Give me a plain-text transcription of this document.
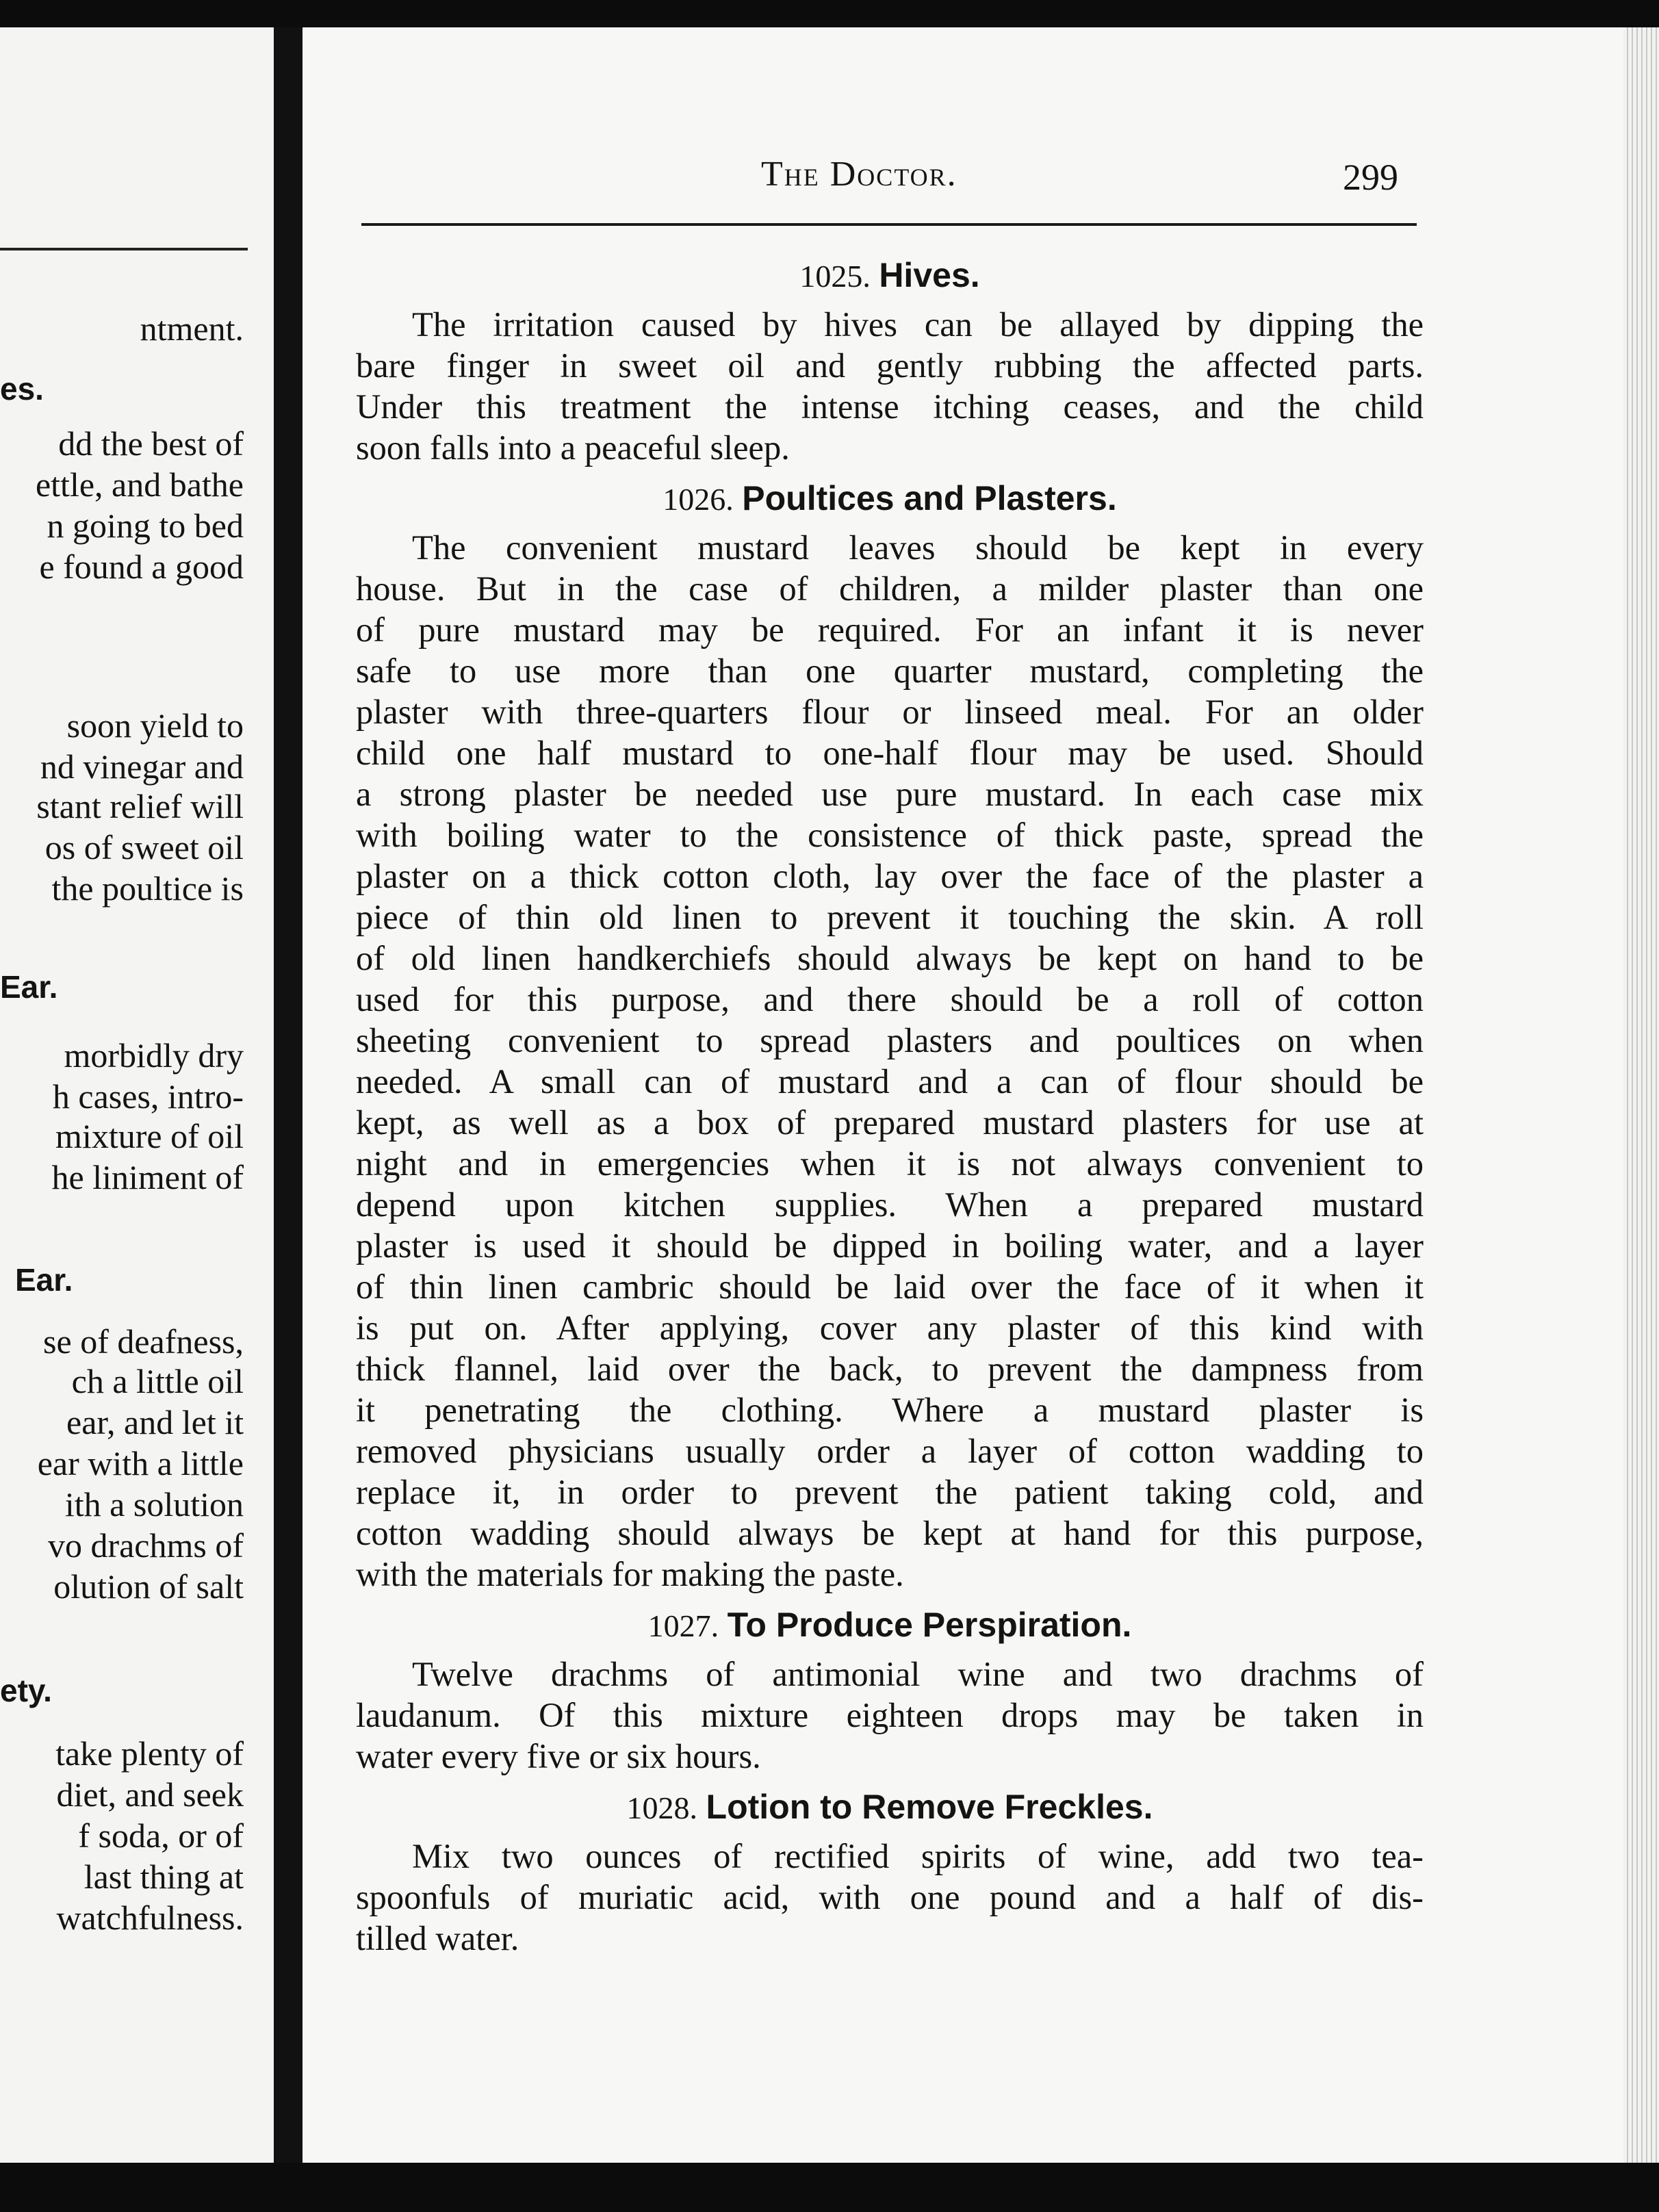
ntment.
es.
dd the best of
ettle, and bathe
n going to bed
e found a good
soon yield to
nd vinegar and
stant relief will
os of sweet oil
the poultice is
Ear.
morbidly dry
h cases, intro-
mixture of oil
he liniment of
Ear.
se of deafness,
ch a little oil
ear, and let it
ear with a little
ith a solution
vo drachms of
olution of salt
ety.
take plenty of
diet, and seek
f soda, or of
last thing at
watchfulness.
The Doctor.	299
1025. Hives.
The irritation caused by hives can be allayed by dipping the
bare finger in sweet oil and gently rubbing the affected parts.
Under this treatment the intense itching ceases, and the child
soon falls into a peaceful sleep.
1026. Poultices and Plasters.
The convenient mustard leaves should be kept in every
house. But in the case of children, a milder plaster than one
of pure mustard may be required. For an infant it is never
safe to use more than one quarter mustard, completing the
plaster with three-quarters flour or linseed meal. For an older
child one half mustard to one-half flour may be used. Should
a strong plaster be needed use pure mustard. In each case mix
with boiling water to the consistence of thick paste, spread the
plaster on a thick cotton cloth, lay over the face of the plaster a
piece of thin old linen to prevent it touching the skin. A roll
of old linen handkerchiefs should always be kept on hand to be
used for this purpose, and there should be a roll of cotton
sheeting convenient to spread plasters and poultices on when
needed. A small can of mustard and a can of flour should be
kept, as well as a box of prepared mustard plasters for use at
night and in emergencies when it is not always convenient to
depend upon kitchen supplies. When a prepared mustard
plaster is used it should be dipped in boiling water, and a layer
of thin linen cambric should be laid over the face of it when it
is put on. After applying, cover any plaster of this kind with
thick flannel, laid over the back, to prevent the dampness from
it penetrating the clothing. Where a mustard plaster is
removed physicians usually order a layer of cotton wadding to
replace it, in order to prevent the patient taking cold, and
cotton wadding should always be kept at hand for this purpose,
with the materials for making the paste.
1027. To Produce Perspiration.
Twelve drachms of antimonial wine and two drachms of
laudanum. Of this mixture eighteen drops may be taken in
water every five or six hours.
1028. Lotion to Remove Freckles.
Mix two ounces of rectified spirits of wine, add two tea-
spoonfuls of muriatic acid, with one pound and a half of dis-
tilled water.
